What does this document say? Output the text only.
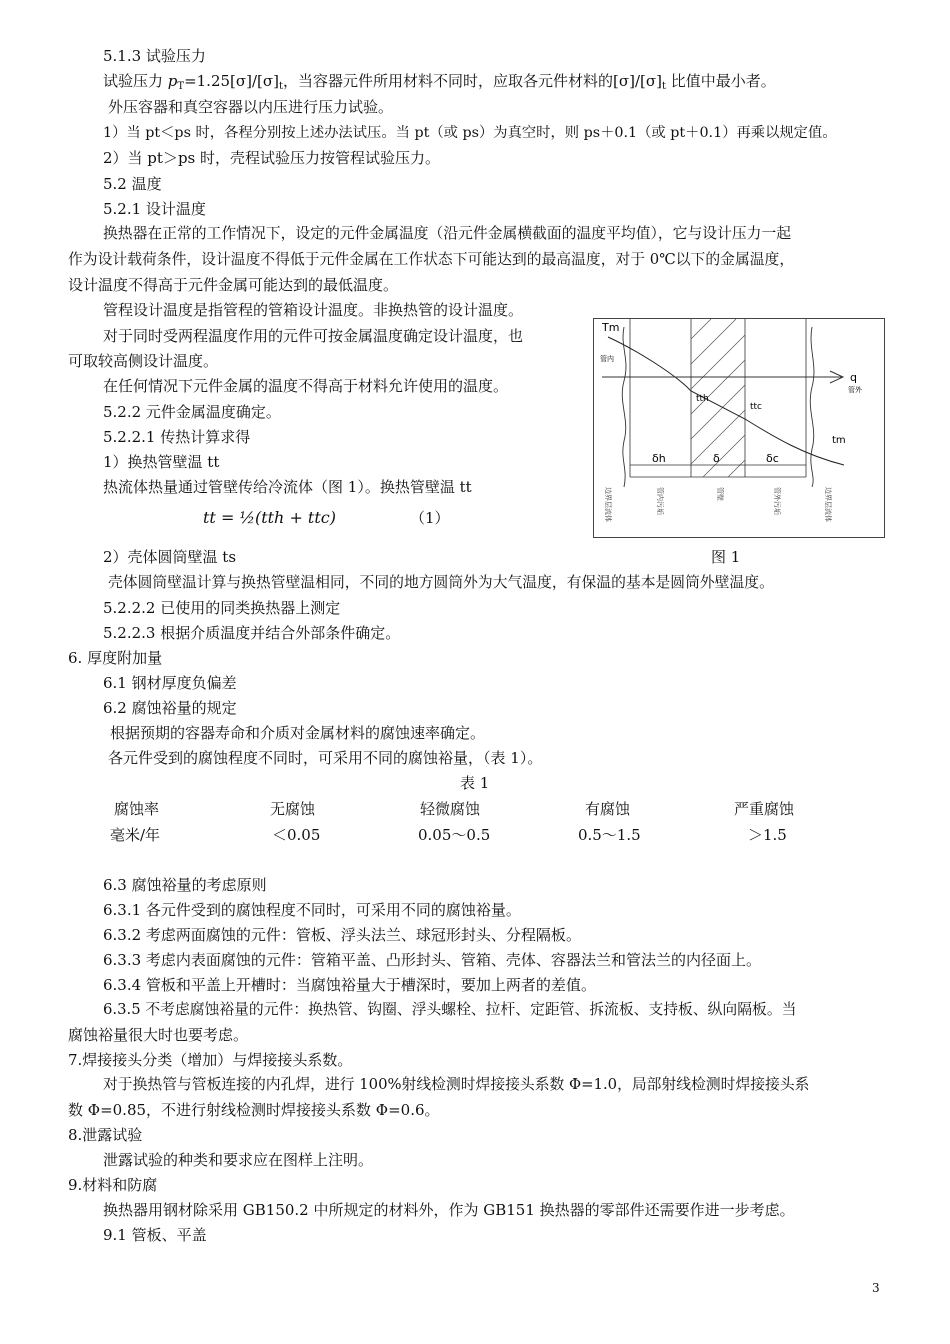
5.1.3 试验压力
试验压力 $p_T=1.25[\sigma]/[\sigma]_t$，当容器元件所用材料不同时，应取各元件材料的$[\sigma]/[\sigma]_t$ 比值中最小者。
外压容器和真空容器以内压进行压力试验。
1）当 pt＜ps 时，各程分别按上述办法试压。当 pt（或 ps）为真空时，则 ps＋0.1（或 pt＋0.1）再乘以规定值。
2）当 pt＞ps 时，壳程试验压力按管程试验压力。
5.2 温度
5.2.1 设计温度
换热器在正常的工作情况下，设定的元件金属温度（沿元件金属横截面的温度平均值），它与设计压力一起
作为设计载荷条件，设计温度不得低于元件金属在工作状态下可能达到的最高温度，对于 0℃以下的金属温度，
设计温度不得高于元件金属可能达到的最低温度。
管程设计温度是指管程的管箱设计温度。非换热管的设计温度。
对于同时受两程温度作用的元件可按金属温度确定设计温度，也
可取较高侧设计温度。
在任何情况下元件金属的温度不得高于材料允许使用的温度。
5.2.2 元件金属温度确定。
5.2.2.1 传热计算求得
1）换热管壁温 tt
热流体热量通过管壁传给冷流体（图 1）。换热管壁温 tt
tt = ½(tth + ttc)	（1）
2）壳体圆筒壁温 ts	图 1
Tm
q
管内
管外
tth
ttc
tm
δh	δ	δc
边界层流体	管内污垢	管壁	管外污垢	边界层流体
壳体圆筒壁温计算与换热管壁温相同，不同的地方圆筒外为大气温度，有保温的基本是圆筒外壁温度。
5.2.2.2 已使用的同类换热器上测定
5.2.2.3 根据介质温度并结合外部条件确定。
6. 厚度附加量
6.1 钢材厚度负偏差
6.2 腐蚀裕量的规定
根据预期的容器寿命和介质对金属材料的腐蚀速率确定。
各元件受到的腐蚀程度不同时，可采用不同的腐蚀裕量，（表 1）。
表 1
腐蚀率	无腐蚀	轻微腐蚀	有腐蚀	严重腐蚀
毫米/年	＜0.05	0.05～0.5	0.5～1.5	＞1.5
6.3 腐蚀裕量的考虑原则
6.3.1 各元件受到的腐蚀程度不同时，可采用不同的腐蚀裕量。
6.3.2 考虑两面腐蚀的元件：管板、浮头法兰、球冠形封头、分程隔板。
6.3.3 考虑内表面腐蚀的元件：管箱平盖、凸形封头、管箱、壳体、容器法兰和管法兰的内径面上。
6.3.4 管板和平盖上开槽时：当腐蚀裕量大于槽深时，要加上两者的差值。
6.3.5 不考虑腐蚀裕量的元件：换热管、钩圈、浮头螺栓、拉杆、定距管、拆流板、支持板、纵向隔板。当
腐蚀裕量很大时也要考虑。
7.焊接接头分类（增加）与焊接接头系数。
对于换热管与管板连接的内孔焊，进行 100%射线检测时焊接接头系数 Φ=1.0，局部射线检测时焊接接头系
数 Φ=0.85，不进行射线检测时焊接接头系数 Φ=0.6。
8.泄露试验
泄露试验的种类和要求应在图样上注明。
9.材料和防腐
换热器用钢材除采用 GB150.2 中所规定的材料外，作为 GB151 换热器的零部件还需要作进一步考虑。
9.1 管板、平盖
3
